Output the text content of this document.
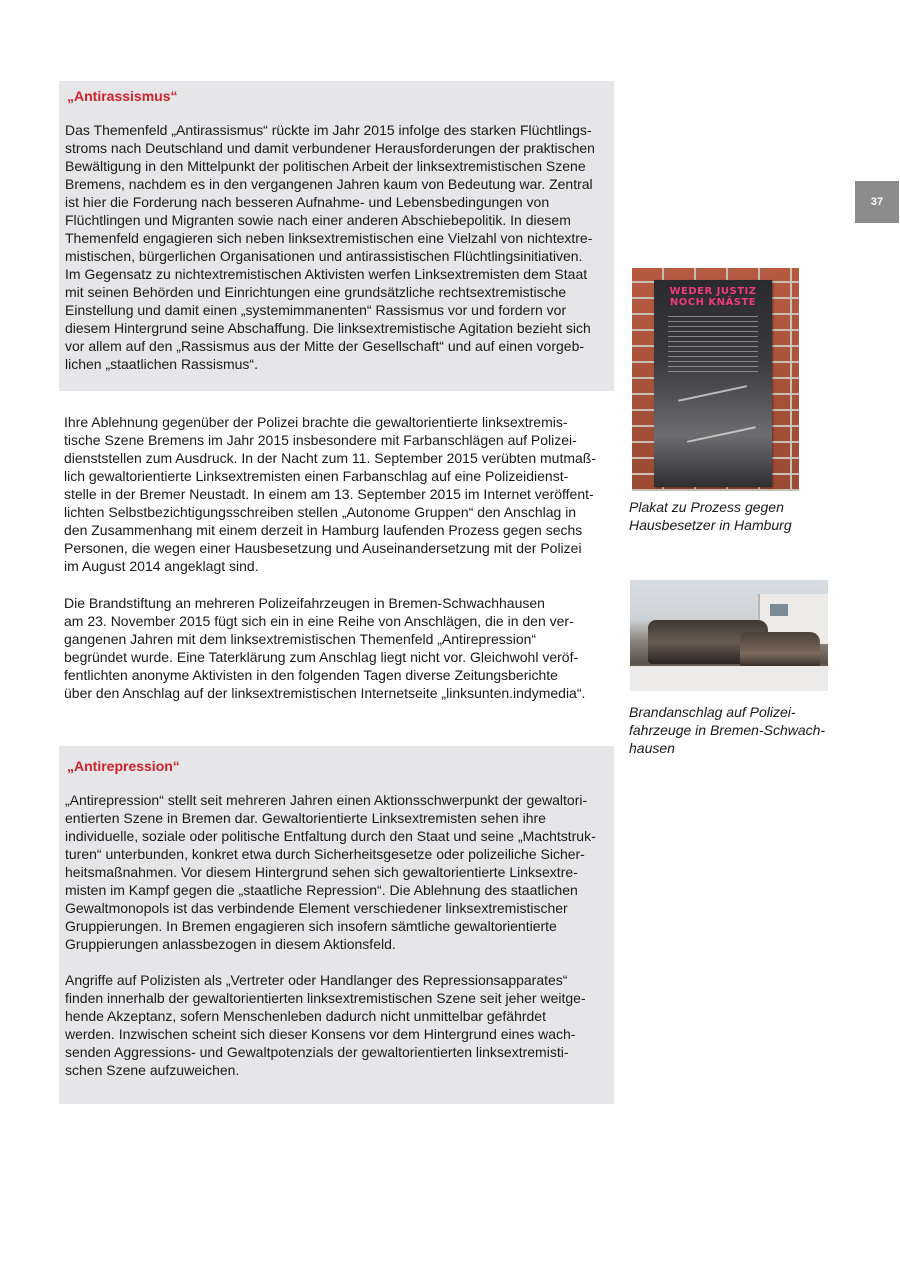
37
„Antirassismus“

Das Themenfeld „Antirassismus“ rückte im Jahr 2015 infolge des starken Flüchtlings-
stroms nach Deutschland und damit verbundener Herausforderungen der praktischen
Bewältigung in den Mittelpunkt der politischen Arbeit der linksextremistischen Szene
Bremens, nachdem es in den vergangenen Jahren kaum von Bedeutung war. Zentral
ist hier die Forderung nach besseren Aufnahme- und Lebensbedingungen von
Flüchtlingen und Migranten sowie nach einer anderen Abschiebepolitik. In diesem
Themenfeld engagieren sich neben linksextremistischen eine Vielzahl von nichtextre-
mistischen, bürgerlichen Organisationen und antirassistischen Flüchtlingsinitiativen.
Im Gegensatz zu nichtextremistischen Aktivisten werfen Linksextremisten dem Staat
mit seinen Behörden und Einrichtungen eine grundsätzliche rechtsextremistische
Einstellung und damit einen „systemimmanenten“ Rassismus vor und fordern vor
diesem Hintergrund seine Abschaffung. Die linksextremistische Agitation bezieht sich
vor allem auf den „Rassismus aus der Mitte der Gesellschaft“ und auf einen vorgeb-
lichen „staatlichen Rassismus“.

Ihre Ablehnung gegenüber der Polizei brachte die gewaltorientierte linksextremis-
tische Szene Bremens im Jahr 2015 insbesondere mit Farbanschlägen auf Polizei-
dienststellen zum Ausdruck. In der Nacht zum 11. September 2015 verübten mutmaß-
lich gewaltorientierte Linksextremisten einen Farbanschlag auf eine Polizeidienst-
stelle in der Bremer Neustadt. In einem am 13. September 2015 im Internet veröffent-
lichten Selbstbezichtigungsschreiben stellen „Autonome Gruppen“ den Anschlag in
den Zusammenhang mit einem derzeit in Hamburg laufenden Prozess gegen sechs
Personen, die wegen einer Hausbesetzung und Auseinandersetzung mit der Polizei
im August 2014 angeklagt sind.

Die Brandstiftung an mehreren Polizeifahrzeugen in Bremen-Schwachhausen
am 23. November 2015 fügt sich ein in eine Reihe von Anschlägen, die in den ver-
gangenen Jahren mit dem linksextremistischen Themenfeld „Antirepression“
begründet wurde. Eine Taterklärung zum Anschlag liegt nicht vor. Gleichwohl veröf-
fentlichten anonyme Aktivisten in den folgenden Tagen diverse Zeitungsberichte
über den Anschlag auf der linksextremistischen Internetseite „linksunten.indymedia“.

„Antirepression“

„Antirepression“ stellt seit mehreren Jahren einen Aktionsschwerpunkt der gewaltori-
entierten Szene in Bremen dar. Gewaltorientierte Linksextremisten sehen ihre
individuelle, soziale oder politische Entfaltung durch den Staat und seine „Machtstruk-
turen“ unterbunden, konkret etwa durch Sicherheitsgesetze oder polizeiliche Sicher-
heitsmaßnahmen. Vor diesem Hintergrund sehen sich gewaltorientierte Linksextre-
misten im Kampf gegen die „staatliche Repression“. Die Ablehnung des staatlichen
Gewaltmonopols ist das verbindende Element verschiedener linksextremistischer
Gruppierungen. In Bremen engagieren sich insofern sämtliche gewaltorientierte
Gruppierungen anlassbezogen in diesem Aktionsfeld.

Angriffe auf Polizisten als „Vertreter oder Handlanger des Repressionsapparates“
finden innerhalb der gewaltorientierten linksextremistischen Szene seit jeher weitge-
hende Akzeptanz, sofern Menschenleben dadurch nicht unmittelbar gefährdet
werden. Inzwischen scheint sich dieser Konsens vor dem Hintergrund eines wach-
senden Aggressions- und Gewaltpotenzials der gewaltorientierten linksextremisti-
schen Szene aufzuweichen.

WEDER JUSTIZ
NOCH KNÄSTE
Plakat zu Prozess gegen
Hausbesetzer in Hamburg
Brandanschlag auf Polizei-
fahrzeuge in Bremen-Schwach-
hausen
